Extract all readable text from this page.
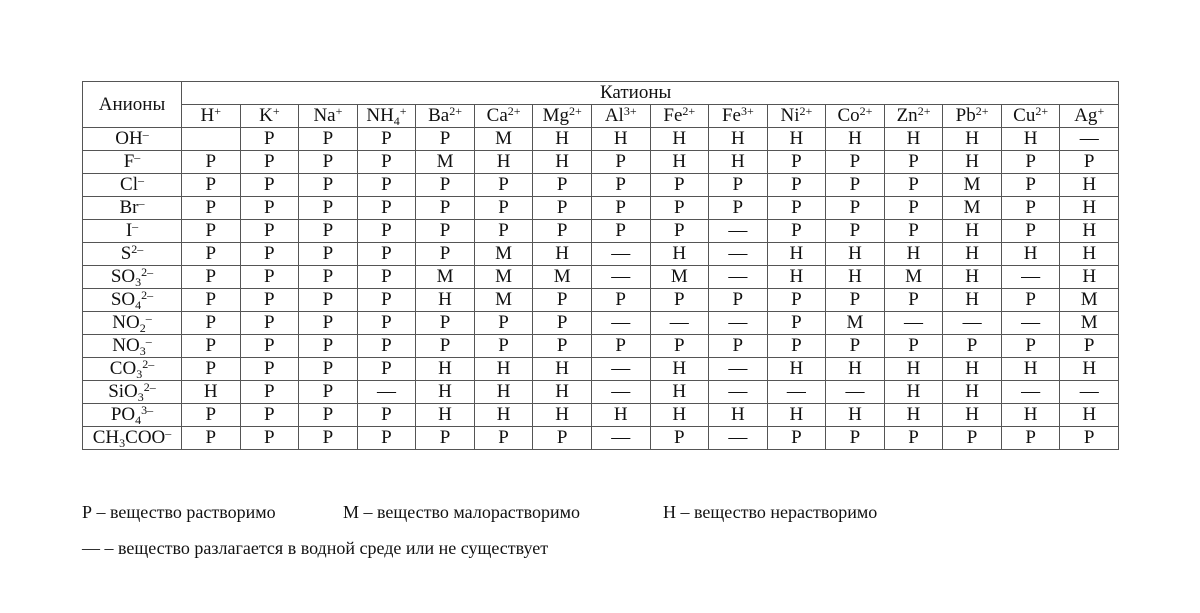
Анионы	Катионы															
	H+	K+	Na+	$NH_4^+$	$Ba^{2+}$	$Ca^{2+}$	$Mg^{2+}$	$Al^{3+}$	$Fe^{2+}$	$Fe^{3+}$	$Ni^{2+}$	$Co^{2+}$	$Zn^{2+}$	$Pb^{2+}$	$Cu^{2+}$	Ag+
OH–		Р	Р	Р	Р	М	Н	Н	Н	Н	Н	Н	Н	Н	Н	—
F–	Р	Р	Р	Р	М	Н	Н	Р	Н	Н	Р	Р	Р	Н	Р	Р
Cl–	Р	Р	Р	Р	Р	Р	Р	Р	Р	Р	Р	Р	Р	М	Р	Н
Br–	Р	Р	Р	Р	Р	Р	Р	Р	Р	Р	Р	Р	Р	М	Р	Н
I–	Р	Р	Р	Р	Р	Р	Р	Р	Р	—	Р	Р	Р	Н	Р	Н
$S^{2-}$	Р	Р	Р	Р	Р	М	Н	—	Н	—	Н	Н	Н	Н	Н	Н
$SO_3^{2-}$	Р	Р	Р	Р	М	М	М	—	М	—	Н	Н	М	Н	—	Н
$SO_4^{2-}$	Р	Р	Р	Р	Н	М	Р	Р	Р	Р	Р	Р	Р	Н	Р	М
$NO_2^-$	Р	Р	Р	Р	Р	Р	Р	—	—	—	Р	М	—	—	—	М
$NO_3^-$	Р	Р	Р	Р	Р	Р	Р	Р	Р	Р	Р	Р	Р	Р	Р	Р
$CO_3^{2-}$	Р	Р	Р	Р	Н	Н	Н	—	Н	—	Н	Н	Н	Н	Н	Н
SiO$_3^{2-}$	Н	Р	Р	—	Н	Н	Н	—	Н	—	—	—	Н	Н	—	—
$PO_4^{3-}$	Р	Р	Р	Р	Н	Н	Н	Н	Н	Н	Н	Н	Н	Н	Н	Н
$CH_3COO^-$	Р	Р	Р	Р	Р	Р	Р	—	Р	—	Р	Р	Р	Р	Р	Р
Р – вещество растворимо	М – вещество малорастворимо	Н – вещество нерастворимо
— – вещество разлагается в водной среде или не существует
